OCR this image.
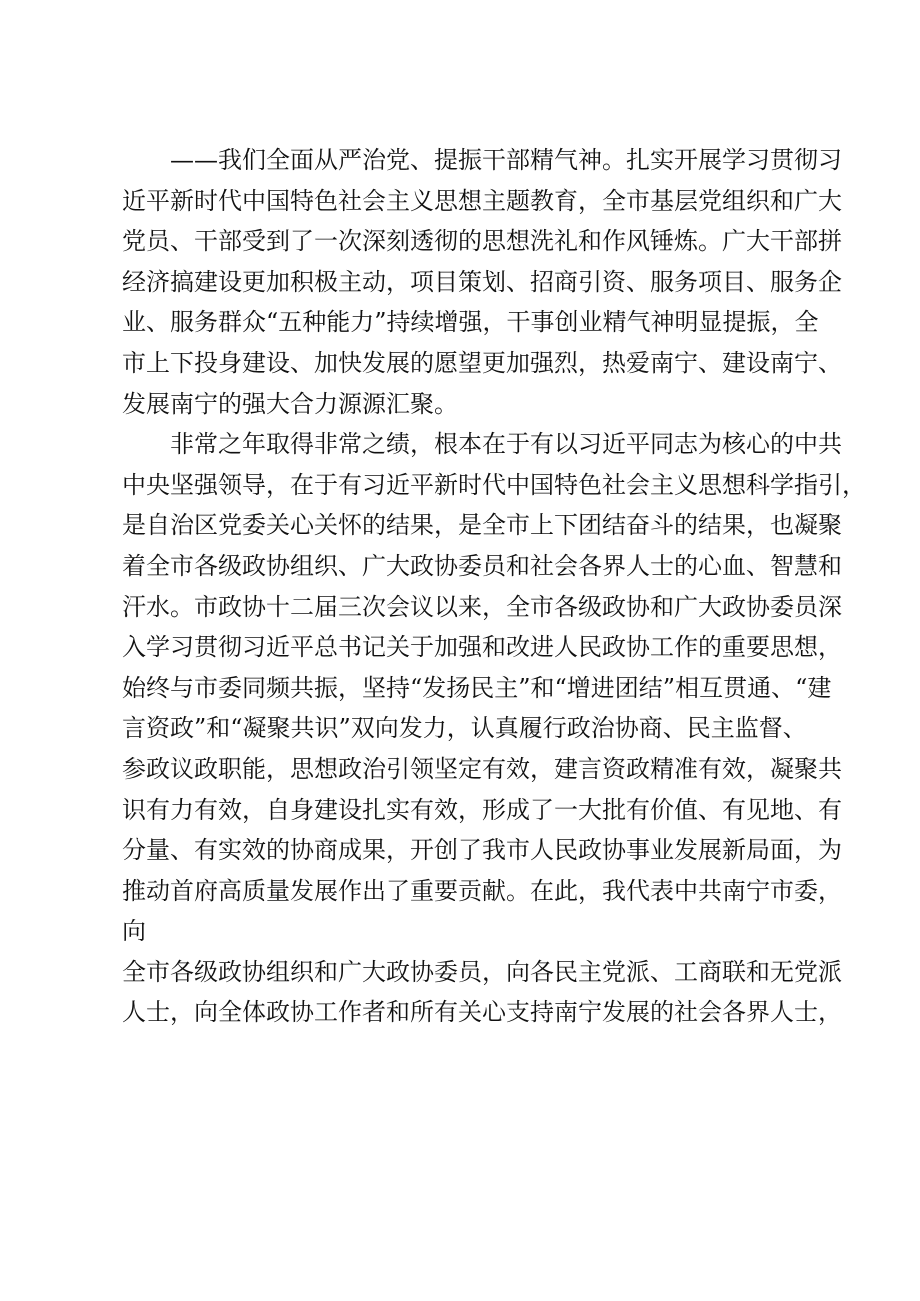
——我们全面从严治党、提振干部精气神。扎实开展学习贯彻习
近平新时代中国特色社会主义思想主题教育，全市基层党组织和广大
党员、干部受到了一次深刻透彻的思想洗礼和作风锤炼。广大干部拼
经济搞建设更加积极主动，项目策划、招商引资、服务项目、服务企
业、服务群众“五种能力”持续增强，干事创业精气神明显提振，全
市上下投身建设、加快发展的愿望更加强烈，热爱南宁、建设南宁、
发展南宁的强大合力源源汇聚。
非常之年取得非常之绩，根本在于有以习近平同志为核心的中共
中央坚强领导，在于有习近平新时代中国特色社会主义思想科学指引，
是自治区党委关心关怀的结果，是全市上下团结奋斗的结果，也凝聚
着全市各级政协组织、广大政协委员和社会各界人士的心血、智慧和
汗水。市政协十二届三次会议以来，全市各级政协和广大政协委员深
入学习贯彻习近平总书记关于加强和改进人民政协工作的重要思想，
始终与市委同频共振，坚持“发扬民主”和“增进团结”相互贯通、“建
言资政”和“凝聚共识”双向发力，认真履行政治协商、民主监督、
参政议政职能，思想政治引领坚定有效，建言资政精准有效，凝聚共
识有力有效，自身建设扎实有效，形成了一大批有价值、有见地、有
分量、有实效的协商成果，开创了我市人民政协事业发展新局面，为
推动首府高质量发展作出了重要贡献。在此，我代表中共南宁市委，
向
全市各级政协组织和广大政协委员，向各民主党派、工商联和无党派
人士，向全体政协工作者和所有关心支持南宁发展的社会各界人士，
